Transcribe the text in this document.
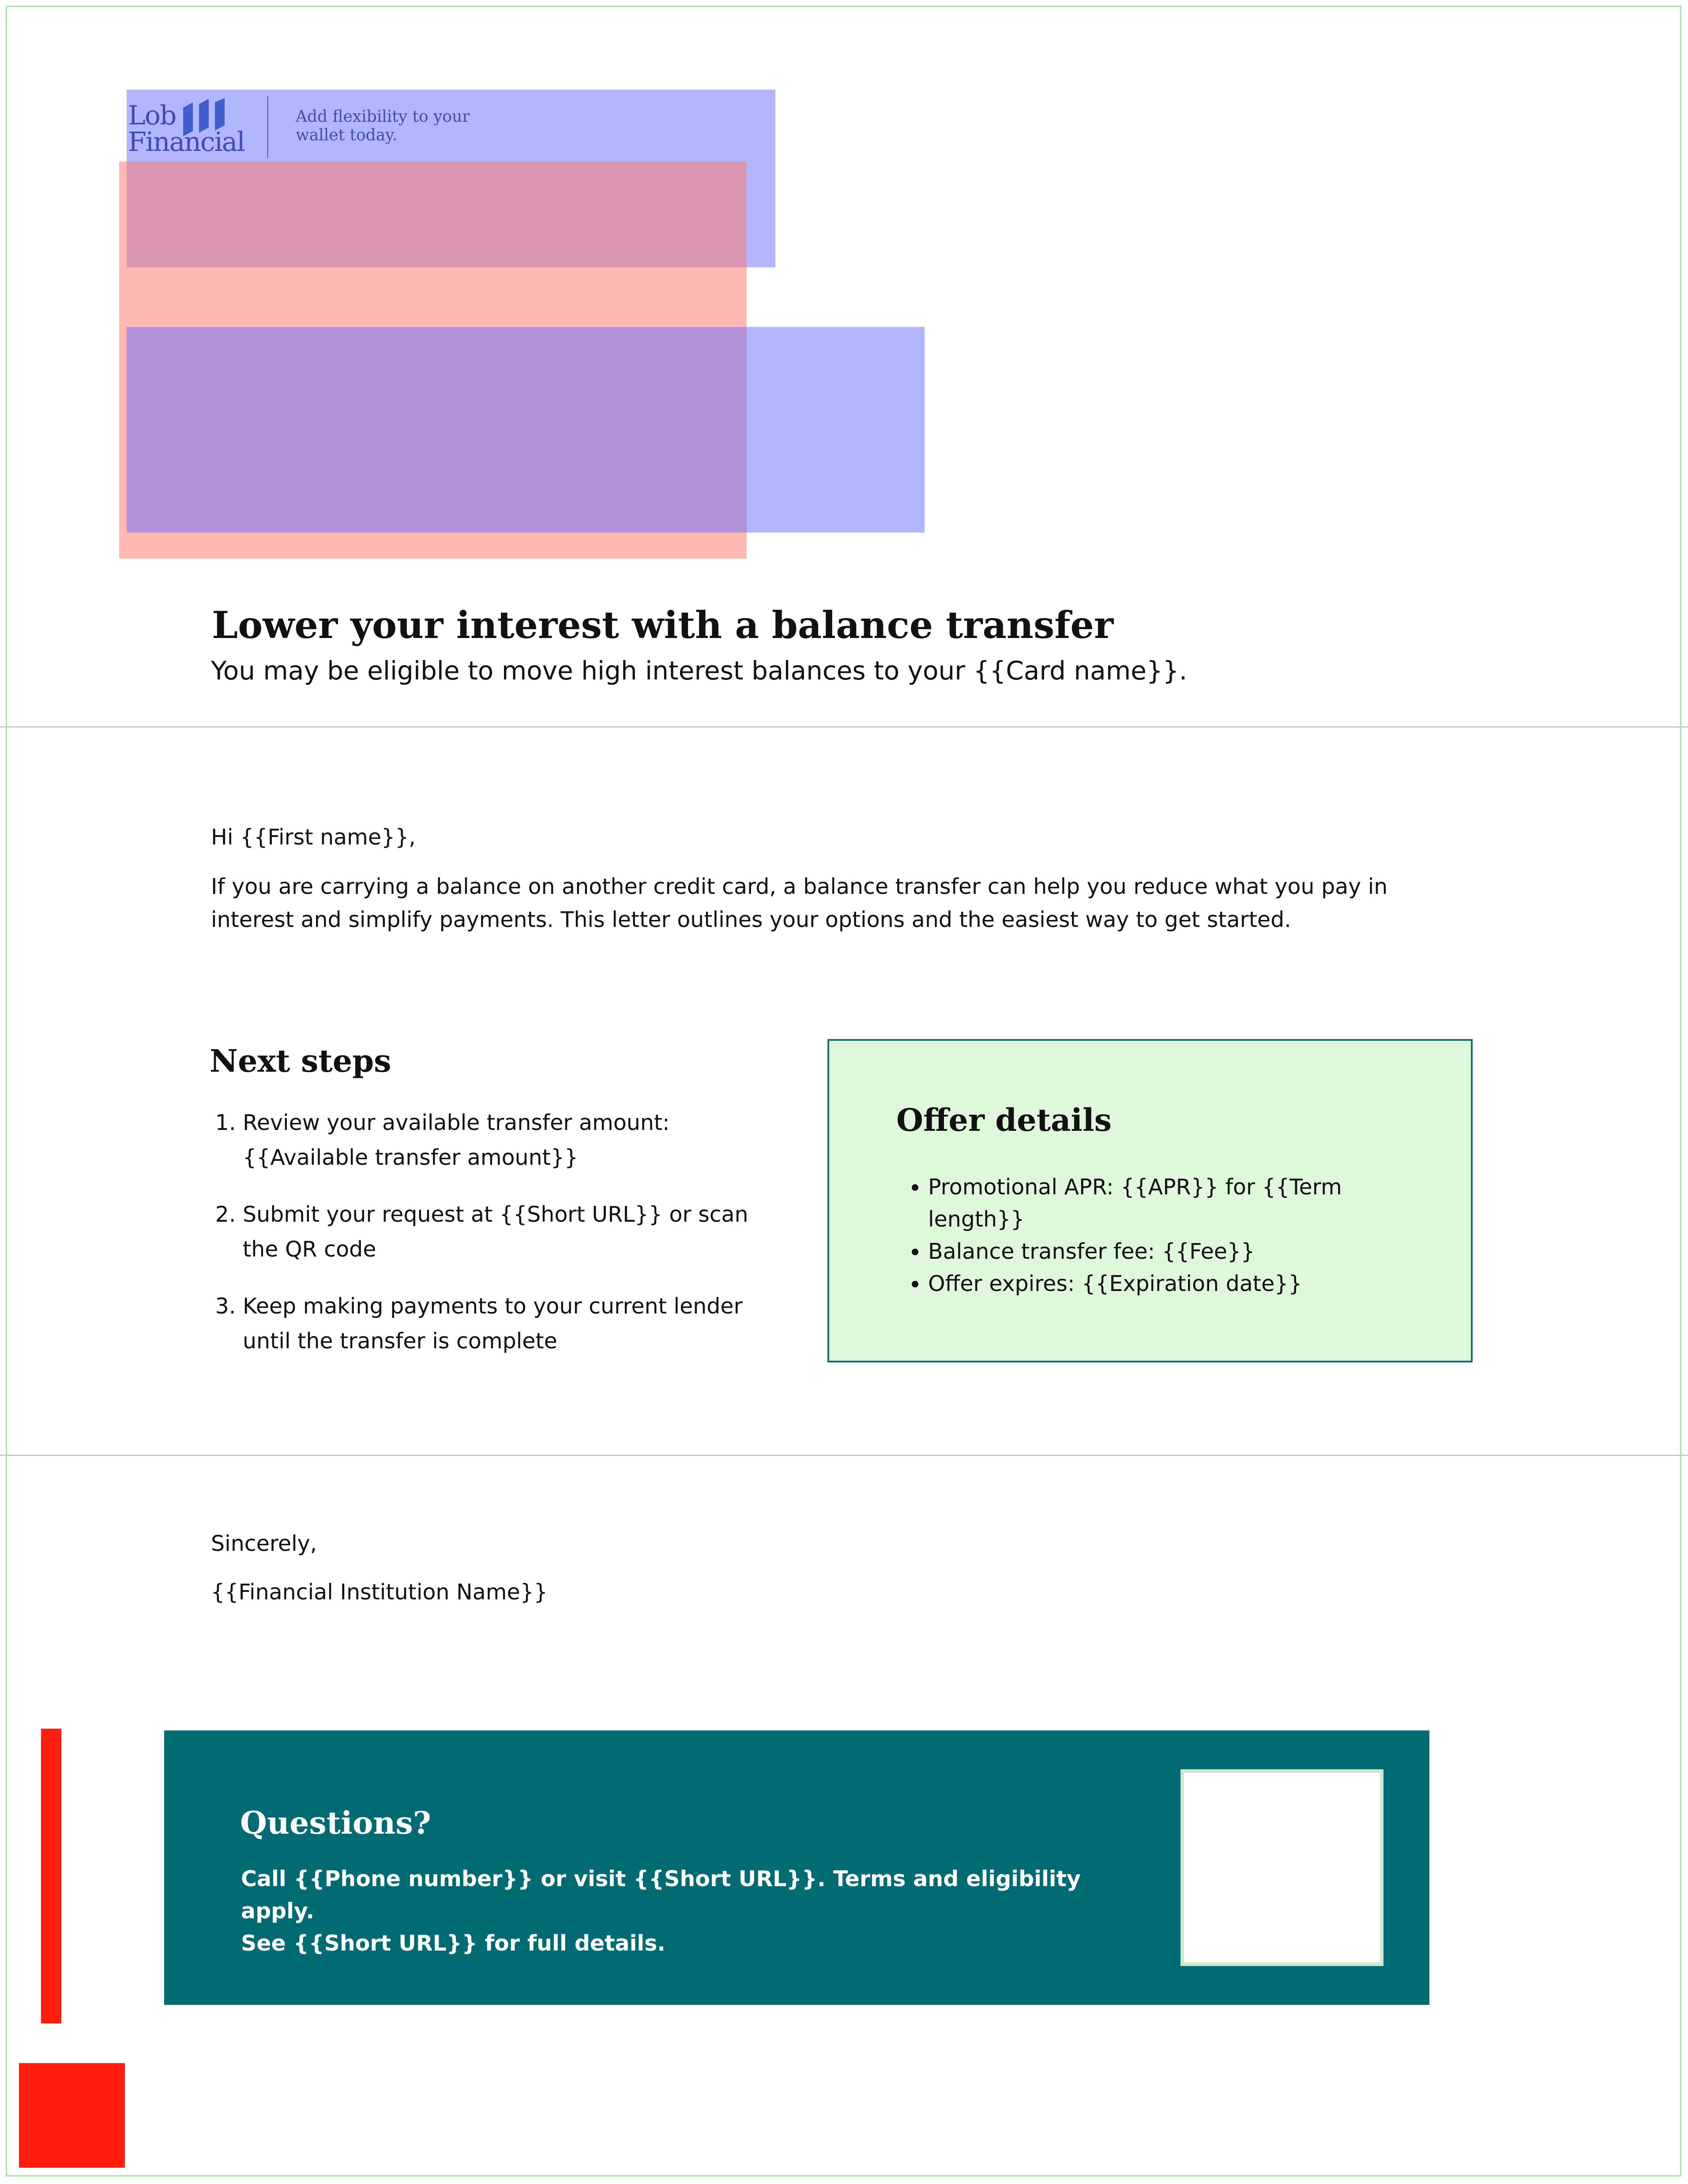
Lower your interest with a balance transfer
You may be eligible to move high interest balances to your {{Card name}}.
Hi {{First name}},
If you are carrying a balance on another credit card, a balance transfer can help you reduce what you pay in interest and simplify payments. This letter outlines your options and the easiest way to get started.
Next steps
1. Review your available transfer amount: {{Available transfer amount}}
2. Submit your request at {{Short URL}} or scan the QR code
3. Keep making payments to your current lender until the transfer is complete
Offer details
• Promotional APR: {{APR}} for {{Term length}}
• Balance transfer fee: {{Fee}}
• Offer expires: {{Expiration date}}
Sincerely,
{{Financial Institution Name}}
Questions?
Call {{Phone number}} or visit {{Short URL}}. Terms and eligibility apply.
See {{Short URL}} for full details.
